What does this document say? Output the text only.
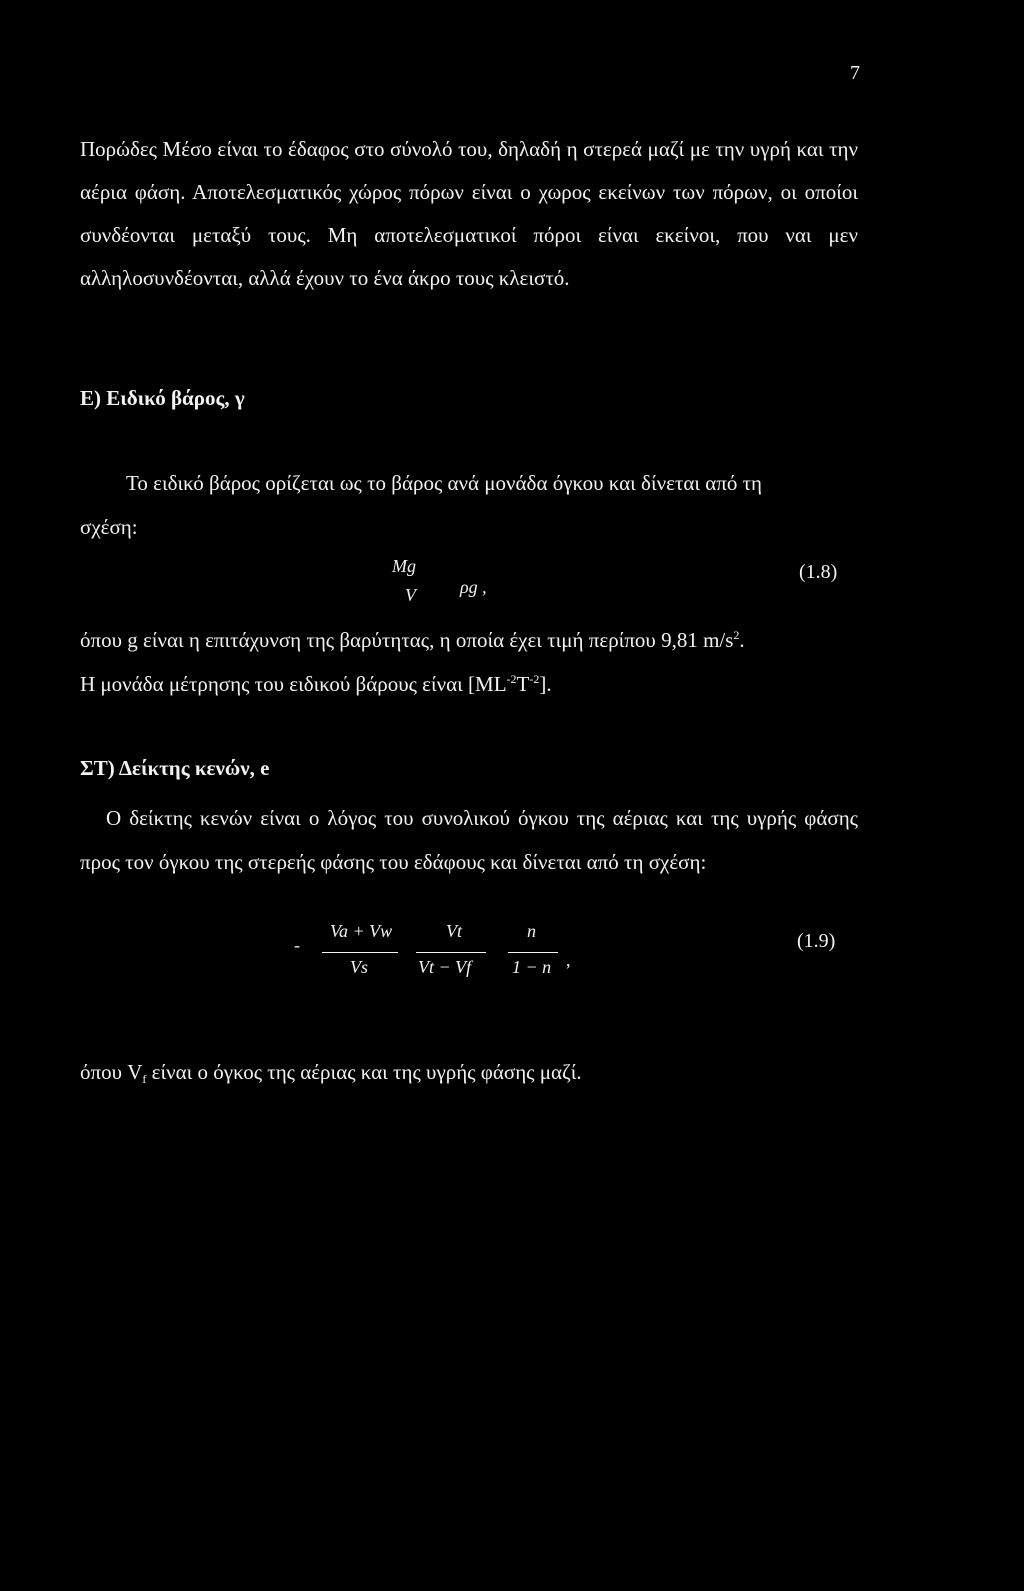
7
Πορώδες Μέσο είναι το έδαφος στο σύνολό του, δηλαδή η στερεά μαζί με την υγρή και την αέρια φάση. Αποτελεσματικός χώρος πόρων είναι ο χωρος εκείνων των πόρων, οι οποίοι συνδέονται μεταξύ τους. Μη αποτελεσματικοί πόροι είναι εκείνοι, που ναι μεν αλληλοσυνδέονται, αλλά έχουν το ένα άκρο τους κλειστό.
Ε) Ειδικό βάρος, γ
Το ειδικό βάρος ορίζεται ως το βάρος ανά μονάδα όγκου και δίνεται από τη
σχέση:
Mg
V ρg ,
(1.8)
όπου g είναι η επιτάχυνση της βαρύτητας, η οποία έχει τιμή περίπου 9,81 $m/s^2$.
Η μονάδα μέτρησης του ειδικού βάρους είναι $[ML^{-2}T^{-2}]$.
ΣΤ) Δείκτης κενών, e
Ο δείκτης κενών είναι ο λόγος του συνολικού όγκου της αέριας και της υγρής φάσης προς τον όγκου της στερεής φάσης του εδάφους και δίνεται από τη σχέση:
-
Va + Vw
Vs
Vt
Vt − Vf
n
1 − n ,
(1.9)
όπου $V_f$ είναι ο όγκος της αέριας και της υγρής φάσης μαζί.
